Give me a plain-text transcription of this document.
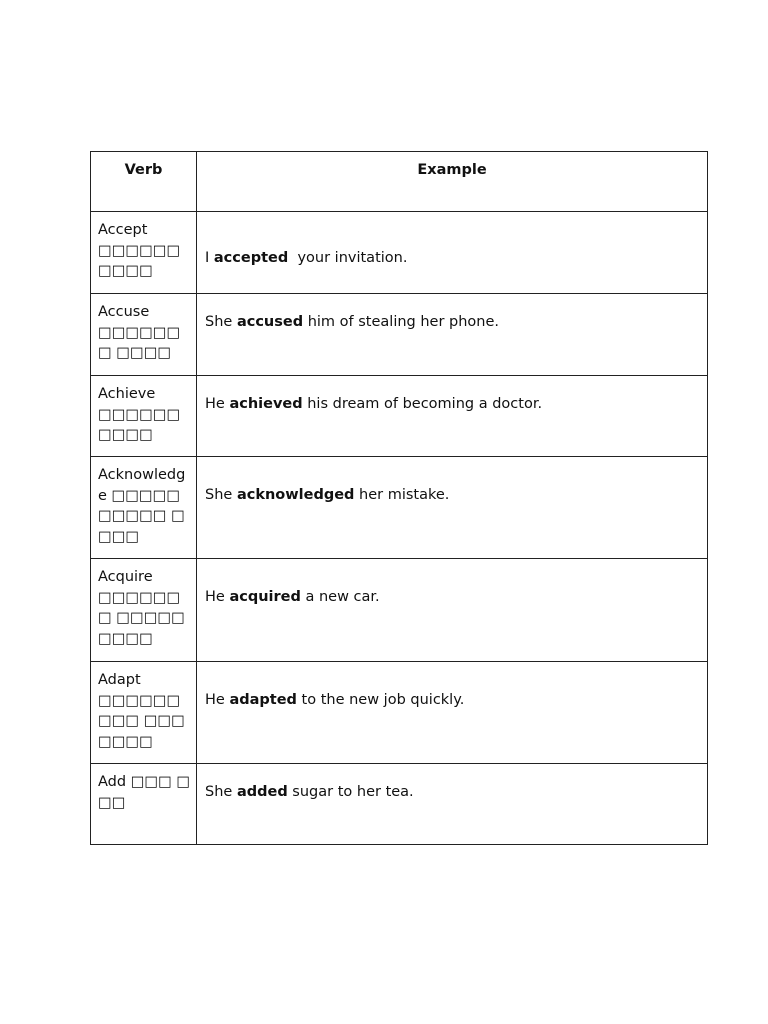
Verb	Example
Accept
□□□□□□ □□□□	I accepted  your invitation.

Accuse
□□□□□□□ □□□□	She accused him of stealing her phone.

Achieve
□□□□□□ □□□□	He achieved his dream of becoming a doctor.

Acknowledge □□□□□□□□□□ □□□□	She acknowledged her mistake.

Acquire
□□□□□□ □ □□□□□ □□□□	He acquired a new car.

Adapt
□□□□□□□□□ □□□□□□□	He adapted to the new job quickly.

Add □□□ □□□	She added sugar to her tea.
